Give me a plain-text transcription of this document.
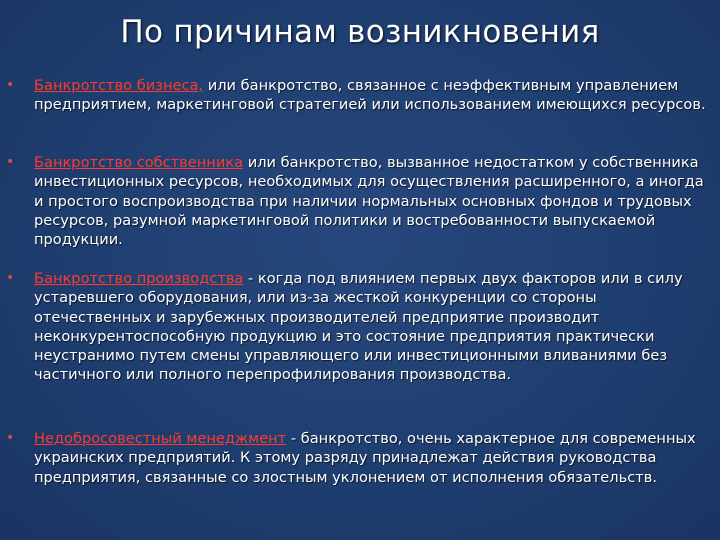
По причинам возникновения
• Банкротство бизнеса, или банкротство, связанное с неэффективным управлением предприятием, маркетинговой стратегией или использованием имеющихся ресурсов.
• Банкротство собственника или банкротство, вызванное недостатком у собственника инвестиционных ресурсов, необходимых для осуществления расширенного, а иногда и простого воспроизводства при наличии нормальных основных фондов и трудовых ресурсов, разумной маркетинговой политики и востребованности выпускаемой продукции.
• Банкротство производства - когда под влиянием первых двух факторов или в силу устаревшего оборудования, или из-за жесткой конкуренции со стороны отечественных и зарубежных производителей предприятие производит неконкурентоспособную продукцию и это состояние предприятия практически неустранимо путем смены управляющего или инвестиционными вливаниями без частичного или полного перепрофилирования производства.
• Недобросовестный менеджмент - банкротство, очень характерное для современных украинских предприятий. К этому разряду принадлежат действия руководства предприятия, связанные со злостным уклонением от исполнения обязательств.
